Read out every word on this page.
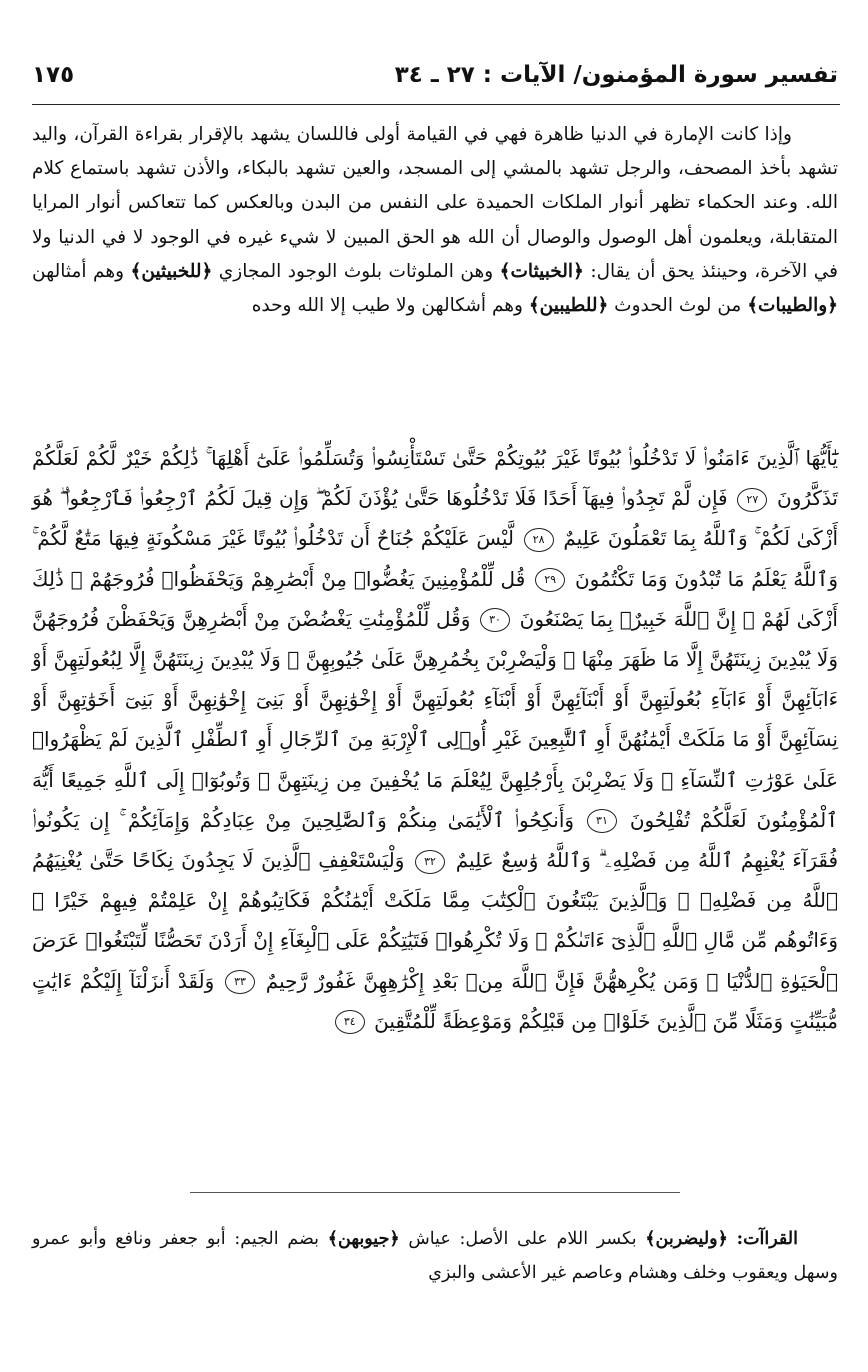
تفسير سورة المؤمنون/ الآيات : ٢٧ ـ ٣٤
١٧٥

وإذا كانت الإمارة في الدنيا ظاهرة فهي في القيامة أولى فاللسان يشهد بالإقرار بقراءة القرآن، واليد تشهد بأخذ المصحف، والرجل تشهد بالمشي إلى المسجد، والعين تشهد بالبكاء، والأذن تشهد باستماع كلام الله. وعند الحكماء تظهر أنوار الملكات الحميدة على النفس من البدن وبالعكس كما تتعاكس أنوار المرايا المتقابلة، ويعلمون أهل الوصول والوصال أن الله هو الحق المبين لا شيء غيره في الوجود لا في الدنيا ولا في الآخرة، وحينئذ يحق أن يقال: ﴿الخبيثات﴾ وهن الملوثات بلوث الوجود المجازي ﴿للخبيثين﴾ وهم أمثالهن ﴿والطيبات﴾ من لوث الحدوث ﴿للطيبين﴾ وهم أشكالهن ولا طيب إلا الله وحده

يَٰٓأَيُّهَا ٱلَّذِينَ ءَامَنُوا۟ لَا تَدْخُلُوا۟ بُيُوتًا غَيْرَ بُيُوتِكُمْ حَتَّىٰ تَسْتَأْنِسُوا۟ وَتُسَلِّمُوا۟ عَلَىٰٓ أَهْلِهَا ۚ ذَٰلِكُمْ خَيْرٌ لَّكُمْ لَعَلَّكُمْ تَذَكَّرُونَ ٢٧ فَإِن لَّمْ تَجِدُوا۟ فِيهَآ أَحَدًا فَلَا تَدْخُلُوهَا حَتَّىٰ يُؤْذَنَ لَكُمْ ۖ وَإِن قِيلَ لَكُمُ ٱرْجِعُوا۟ فَٱرْجِعُوا۟ ۖ هُوَ أَزْكَىٰ لَكُمْ ۚ وَٱللَّهُ بِمَا تَعْمَلُونَ عَلِيمٌ ٢٨ لَّيْسَ عَلَيْكُمْ جُنَاحٌ أَن تَدْخُلُوا۟ بُيُوتًا غَيْرَ مَسْكُونَةٍ فِيهَا مَتَٰعٌ لَّكُمْ ۚ وَٱللَّهُ يَعْلَمُ مَا تُبْدُونَ وَمَا تَكْتُمُونَ ٢٩ قُل لِّلْمُؤْمِنِينَ يَغُضُّوا۟ مِنْ أَبْصَٰرِهِمْ وَيَحْفَظُوا۟ فُرُوجَهُمْ ۚ ذَٰلِكَ أَزْكَىٰ لَهُمْ ۗ إِنَّ ٱللَّهَ خَبِيرٌۢ بِمَا يَصْنَعُونَ ٣٠ وَقُل لِّلْمُؤْمِنَٰتِ يَغْضُضْنَ مِنْ أَبْصَٰرِهِنَّ وَيَحْفَظْنَ فُرُوجَهُنَّ وَلَا يُبْدِينَ زِينَتَهُنَّ إِلَّا مَا ظَهَرَ مِنْهَا ۖ وَلْيَضْرِبْنَ بِخُمُرِهِنَّ عَلَىٰ جُيُوبِهِنَّ ۖ وَلَا يُبْدِينَ زِينَتَهُنَّ إِلَّا لِبُعُولَتِهِنَّ أَوْ ءَابَآئِهِنَّ أَوْ ءَابَآءِ بُعُولَتِهِنَّ أَوْ أَبْنَآئِهِنَّ أَوْ أَبْنَآءِ بُعُولَتِهِنَّ أَوْ إِخْوَٰنِهِنَّ أَوْ بَنِىٓ إِخْوَٰنِهِنَّ أَوْ بَنِىٓ أَخَوَٰتِهِنَّ أَوْ نِسَآئِهِنَّ أَوْ مَا مَلَكَتْ أَيْمَٰنُهُنَّ أَوِ ٱلتَّٰبِعِينَ غَيْرِ أُو۟لِى ٱلْإِرْبَةِ مِنَ ٱلرِّجَالِ أَوِ ٱلطِّفْلِ ٱلَّذِينَ لَمْ يَظْهَرُوا۟ عَلَىٰ عَوْرَٰتِ ٱلنِّسَآءِ ۖ وَلَا يَضْرِبْنَ بِأَرْجُلِهِنَّ لِيُعْلَمَ مَا يُخْفِينَ مِن زِينَتِهِنَّ ۚ وَتُوبُوٓا۟ إِلَى ٱللَّهِ جَمِيعًا أَيُّهَ ٱلْمُؤْمِنُونَ لَعَلَّكُمْ تُفْلِحُونَ ٣١ وَأَنكِحُوا۟ ٱلْأَيَٰمَىٰ مِنكُمْ وَٱلصَّٰلِحِينَ مِنْ عِبَادِكُمْ وَإِمَآئِكُمْ ۚ إِن يَكُونُوا۟ فُقَرَآءَ يُغْنِهِمُ ٱللَّهُ مِن فَضْلِهِۦ ۗ وَٱللَّهُ وَٰسِعٌ عَلِيمٌ ٣٢ وَلْيَسْتَعْفِفِ ٱلَّذِينَ لَا يَجِدُونَ نِكَاحًا حَتَّىٰ يُغْنِيَهُمُ ٱللَّهُ مِن فَضْلِهِۦ ۗ وَٱلَّذِينَ يَبْتَغُونَ ٱلْكِتَٰبَ مِمَّا مَلَكَتْ أَيْمَٰنُكُمْ فَكَاتِبُوهُمْ إِنْ عَلِمْتُمْ فِيهِمْ خَيْرًا ۖ وَءَاتُوهُم مِّن مَّالِ ٱللَّهِ ٱلَّذِىٓ ءَاتَىٰكُمْ ۚ وَلَا تُكْرِهُوا۟ فَتَيَٰتِكُمْ عَلَى ٱلْبِغَآءِ إِنْ أَرَدْنَ تَحَصُّنًا لِّتَبْتَغُوا۟ عَرَضَ ٱلْحَيَوٰةِ ٱلدُّنْيَا ۚ وَمَن يُكْرِههُّنَّ فَإِنَّ ٱللَّهَ مِنۢ بَعْدِ إِكْرَٰهِهِنَّ غَفُورٌ رَّحِيمٌ ٣٣ وَلَقَدْ أَنزَلْنَآ إِلَيْكُمْ ءَايَٰتٍ مُّبَيِّنَٰتٍ وَمَثَلًا مِّنَ ٱلَّذِينَ خَلَوْا۟ مِن قَبْلِكُمْ وَمَوْعِظَةً لِّلْمُتَّقِينَ ٣٤

القراآت: ﴿وليضربن﴾ بكسر اللام على الأصل: عياش ﴿جيوبهن﴾ بضم الجيم: أبو جعفر ونافع وأبو عمرو وسهل ويعقوب وخلف وهشام وعاصم غير الأعشى والبزي
